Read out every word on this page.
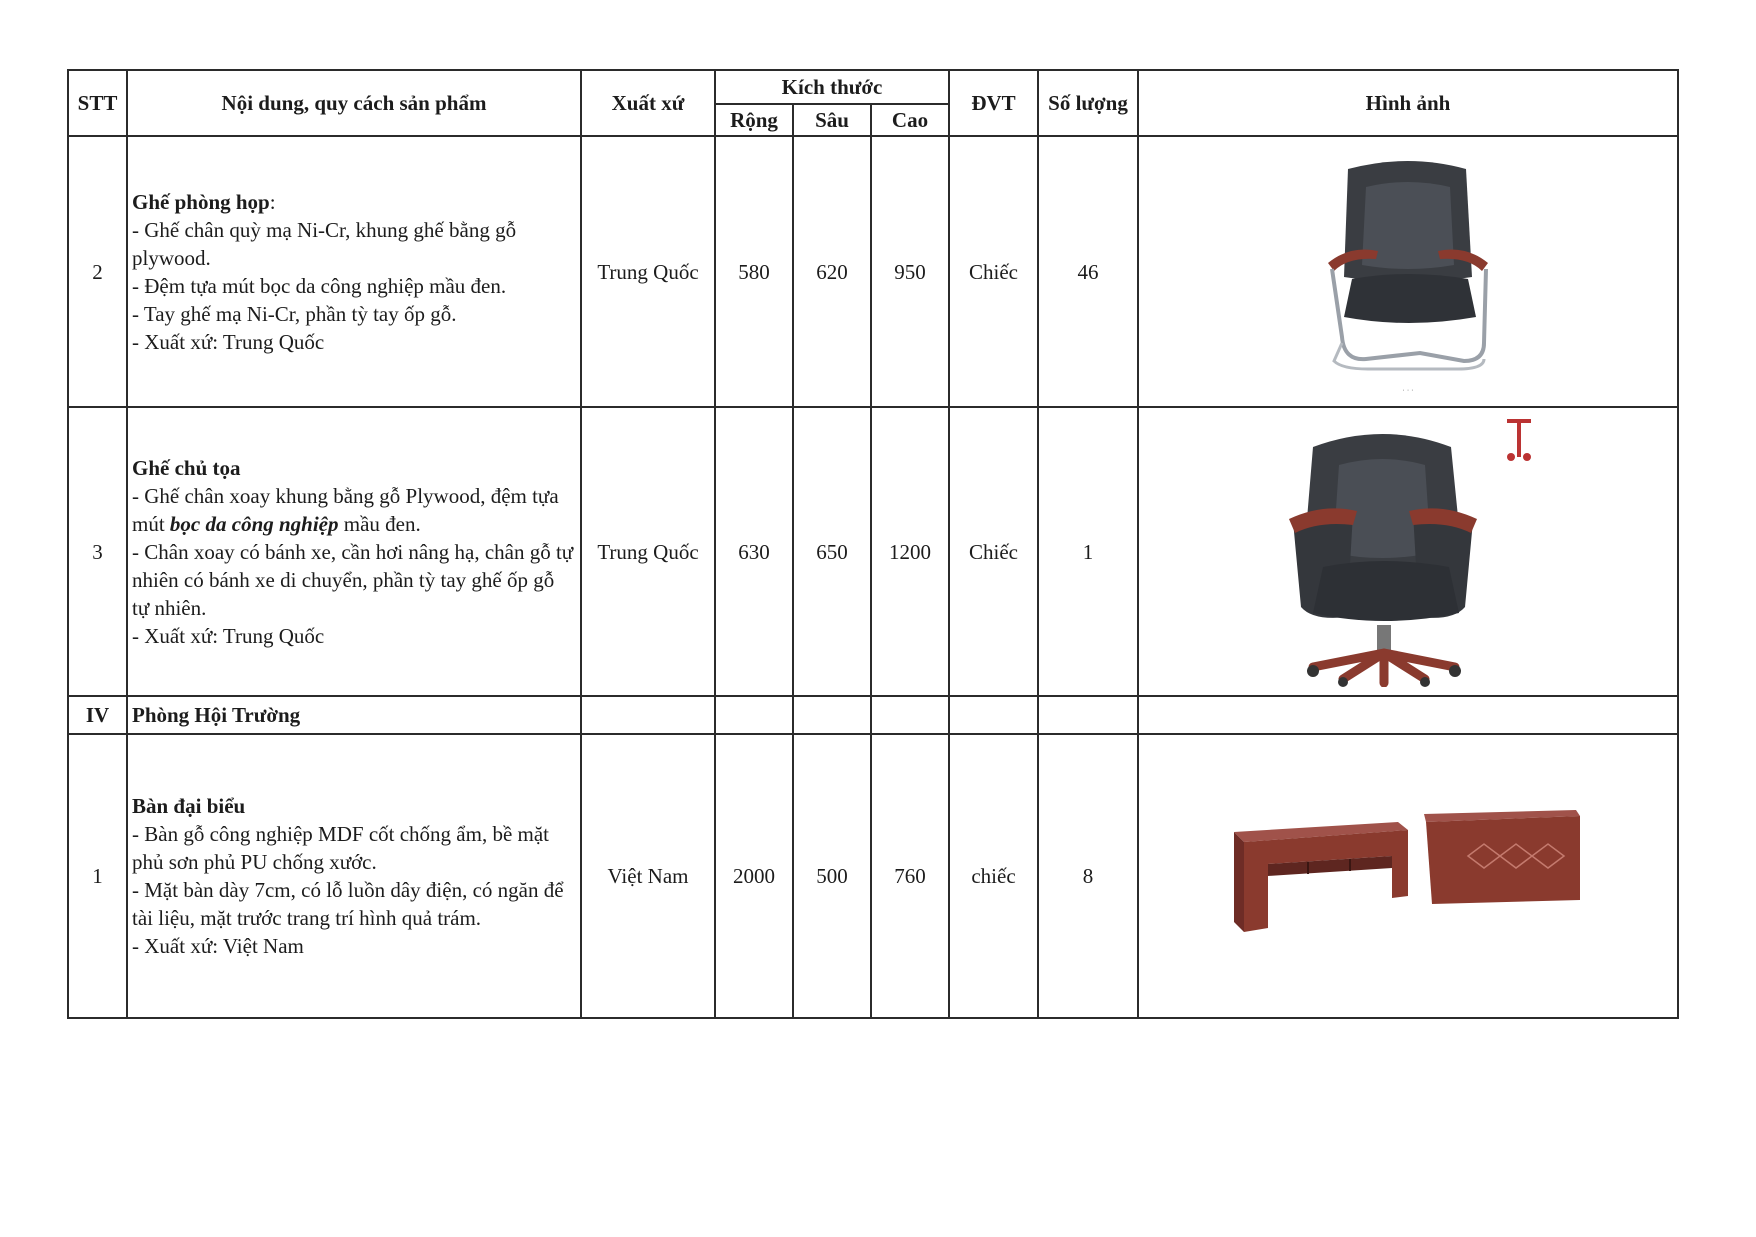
STT	Nội dung, quy cách sản phẩm	Xuất xứ	Kích thước			ĐVT	Số lượng	Hình ảnh
			Rộng	Sâu	Cao			
2	Ghế phòng họp:
- Ghế chân quỳ mạ Ni-Cr, khung ghế bằng gỗ plywood.
- Đệm tựa mút bọc da công nghiệp mầu đen.
- Tay ghế mạ Ni-Cr, phần tỳ tay ốp gỗ.
- Xuất xứ: Trung Quốc	Trung Quốc	580	620	950	Chiếc	46	· · ·

3	Ghế chủ tọa
- Ghế chân xoay khung bằng gỗ Plywood, đệm tựa mút bọc da công nghiệp mầu đen.
- Chân xoay có bánh xe, cần hơi nâng hạ, chân gỗ tự nhiên có bánh xe di chuyển, phần tỳ tay ghế ốp gỗ tự nhiên.
- Xuất xứ: Trung Quốc	Trung Quốc	630	650	1200	Chiếc	1	
IV	Phòng Hội Trường							
1	Bàn đại biểu
- Bàn gỗ công nghiệp MDF cốt chống ẩm, bề mặt phủ sơn phủ PU chống xước.
- Mặt bàn dày 7cm, có lỗ luồn dây điện, có ngăn để tài liệu, mặt trước trang trí hình quả trám.
- Xuất xứ: Việt Nam	Việt Nam	2000	500	760	chiếc	8	
